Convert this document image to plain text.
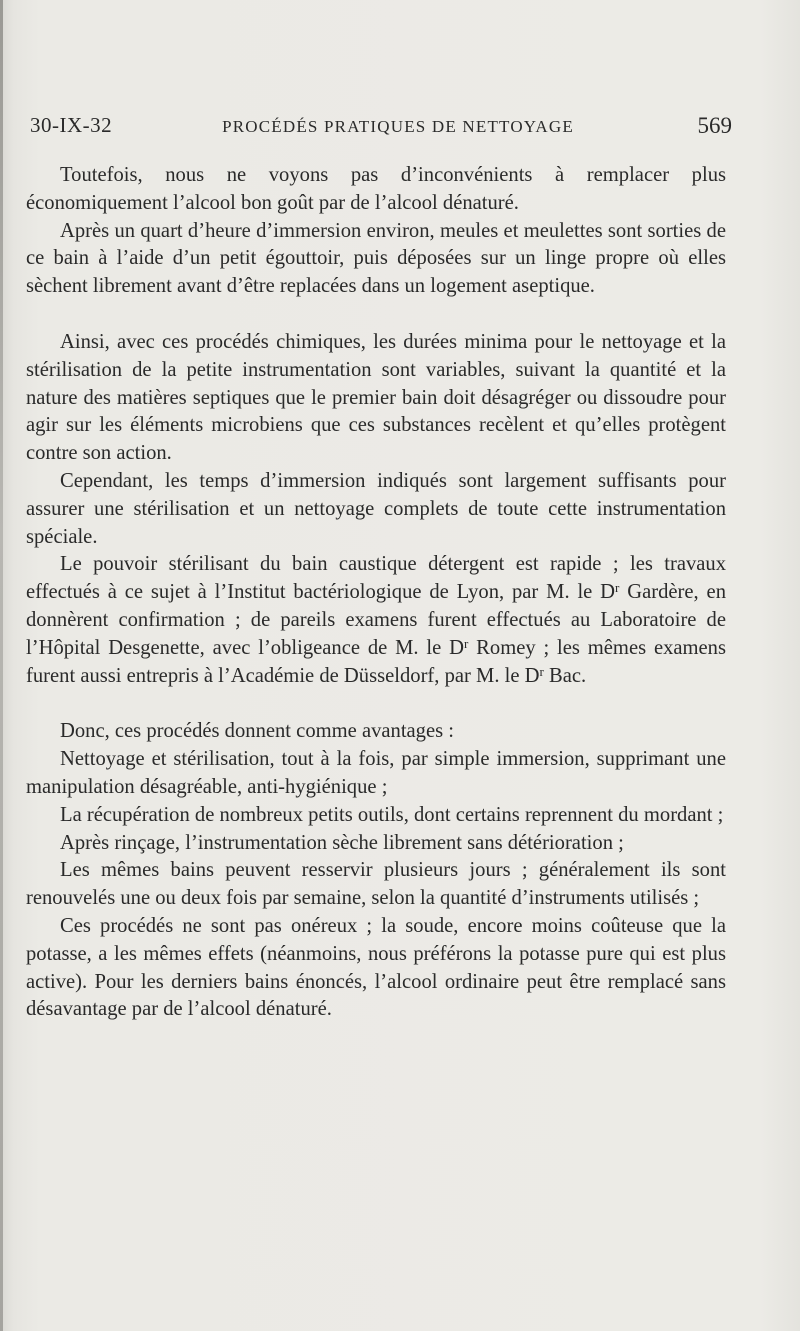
30-IX-32	PROCÉDÉS PRATIQUES DE NETTOYAGE	569

Toutefois, nous ne voyons pas d’inconvénients à remplacer plus économiquement l’alcool bon goût par de l’alcool dénaturé.

Après un quart d’heure d’immersion environ, meules et meulettes sont sorties de ce bain à l’aide d’un petit égouttoir, puis déposées sur un linge propre où elles sèchent librement avant d’être replacées dans un logement aseptique.

Ainsi, avec ces procédés chimiques, les durées minima pour le nettoyage et la stérilisation de la petite instrumentation sont variables, suivant la quantité et la nature des matières septiques que le premier bain doit désagréger ou dissoudre pour agir sur les éléments microbiens que ces substances recèlent et qu’elles protègent contre son action.

Cependant, les temps d’immersion indiqués sont largement suffisants pour assurer une stérilisation et un nettoyage complets de toute cette instrumentation spéciale.

Le pouvoir stérilisant du bain caustique détergent est rapide ; les travaux effectués à ce sujet à l’Institut bactériologique de Lyon, par M. le $D^r$ Gardère, en donnèrent confirmation ; de pareils examens furent effectués au Laboratoire de l’Hôpital Desgenette, avec l’obligeance de M. le $D^r$ Romey ; les mêmes examens furent aussi entrepris à l’Académie de Düsseldorf, par M. le $D^r$ Bac.

Donc, ces procédés donnent comme avantages :

Nettoyage et stérilisation, tout à la fois, par simple immersion, supprimant une manipulation désagréable, anti-hygiénique ;

La récupération de nombreux petits outils, dont certains reprennent du mordant ;

Après rinçage, l’instrumentation sèche librement sans détérioration ;

Les mêmes bains peuvent resservir plusieurs jours ; généralement ils sont renouvelés une ou deux fois par semaine, selon la quantité d’instruments utilisés ;

Ces procédés ne sont pas onéreux ; la soude, encore moins coûteuse que la potasse, a les mêmes effets (néanmoins, nous préférons la potasse pure qui est plus active). Pour les derniers bains énoncés, l’alcool ordinaire peut être remplacé sans désavantage par de l’alcool dénaturé.
